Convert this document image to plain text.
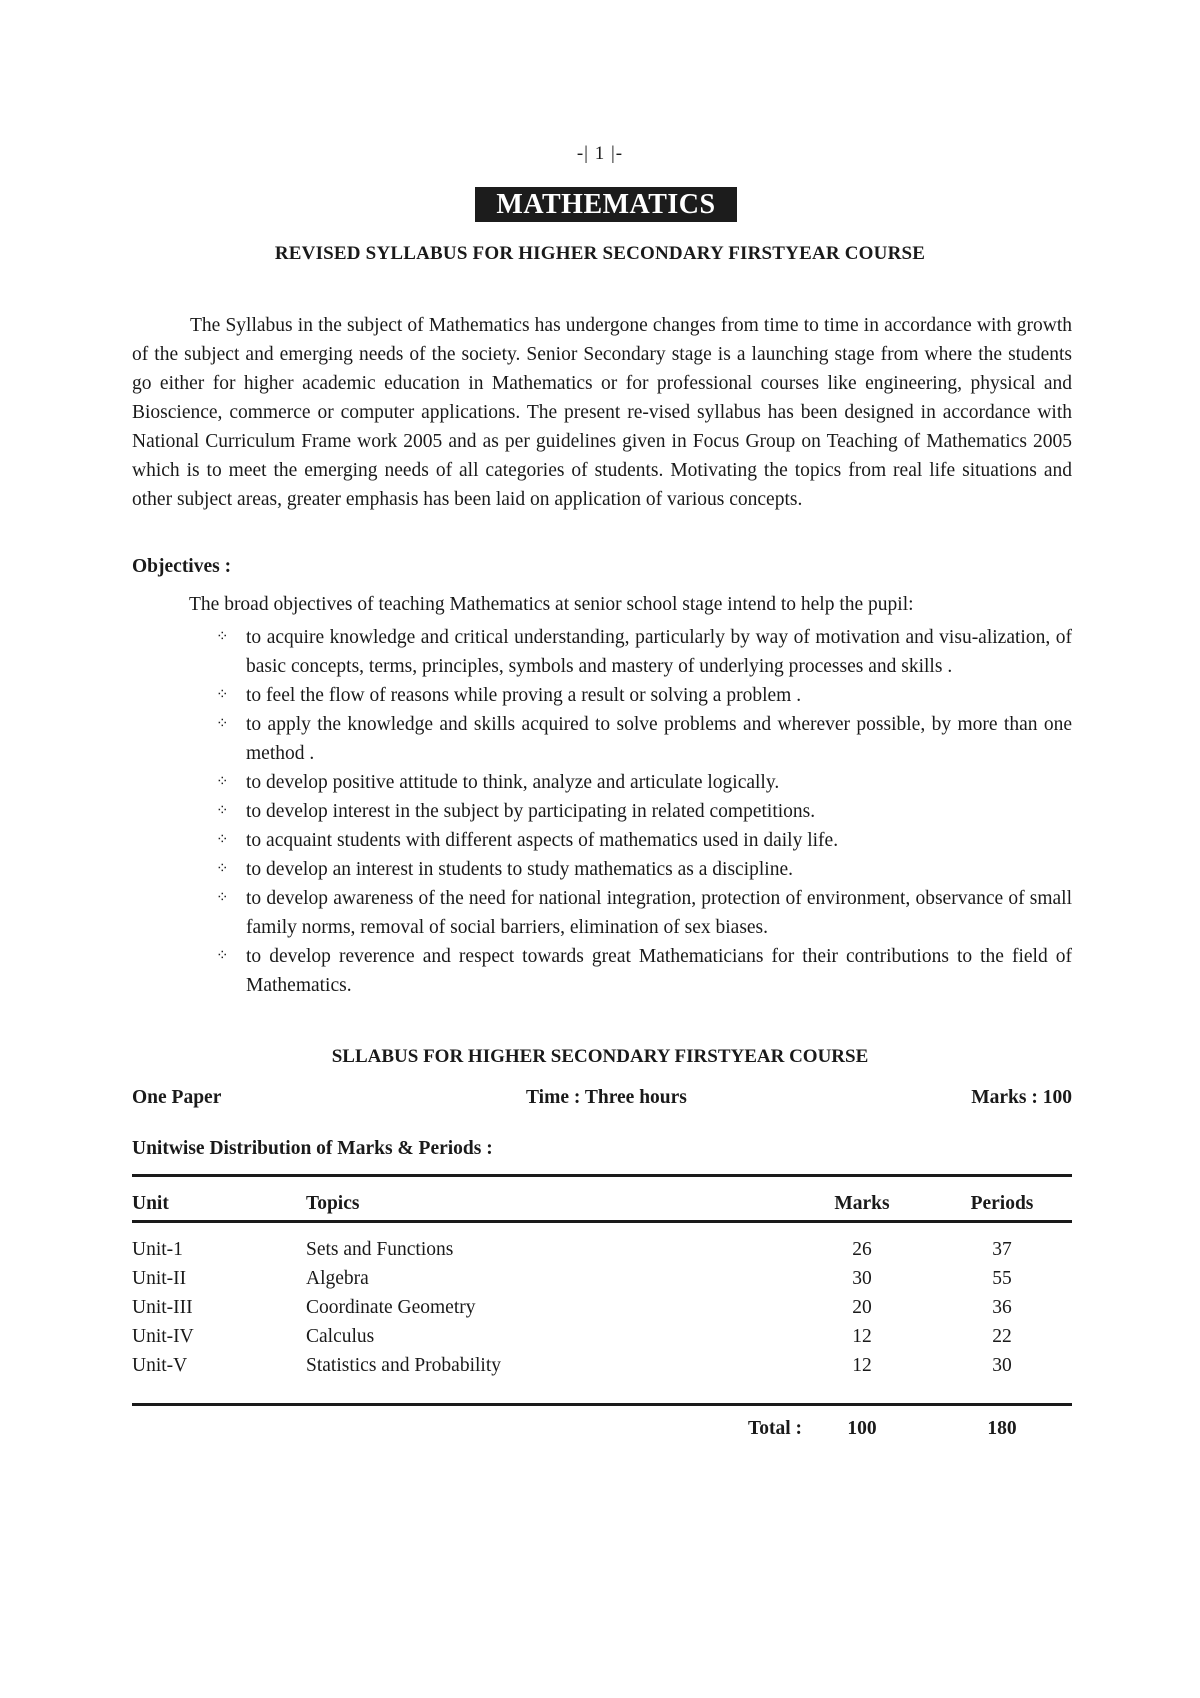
-| 1 |-
MATHEMATICS
REVISED SYLLABUS FOR HIGHER SECONDARY FIRSTYEAR COURSE

The Syllabus in the subject of Mathematics has undergone changes from time to time in accordance with growth of the subject and emerging needs of the society. Senior Secondary stage is a launching stage from where the students go either for higher academic education in Mathematics or for professional courses like engineering, physical and Bioscience, commerce or computer applications. The present re-vised syllabus has been designed in accordance with National Curriculum Frame work 2005 and as per guidelines given in Focus Group on Teaching of Mathematics 2005 which is to meet the emerging needs of all categories of students. Motivating the topics from real life situations and other subject areas, greater emphasis has been laid on application of various concepts.

Objectives :
The broad objectives of teaching Mathematics at senior school stage intend to help the pupil:
⁘ to acquire knowledge and critical understanding, particularly by way of motivation and visu-alization, of basic concepts, terms, principles, symbols and mastery of underlying processes and skills .
⁘ to feel the flow of reasons while proving a result or solving a problem .
⁘ to apply the knowledge and skills acquired to solve problems and wherever possible, by more than one method .
⁘ to develop positive attitude to think, analyze and articulate logically.
⁘ to develop interest in the subject by participating in related competitions.
⁘ to acquaint students with different aspects of mathematics used in daily life.
⁘ to develop an interest in students to study mathematics as a discipline.
⁘ to develop awareness of the need for national integration, protection of environment, observance of small family norms, removal of social barriers, elimination of sex biases.
⁘ to develop reverence and respect towards great Mathematicians for their contributions to the field of Mathematics.
SLLABUS FOR HIGHER SECONDARY FIRSTYEAR COURSE
One Paper	Time : Three hours	Marks : 100
Unitwise Distribution of Marks & Periods :
Unit	Topics	Marks	Periods
Unit-1	Sets and Functions	26	37
Unit-II	Algebra	30	55
Unit-III	Coordinate Geometry	20	36
Unit-IV	Calculus	12	22
Unit-V	Statistics and Probability	12	30
Total :	100	180
